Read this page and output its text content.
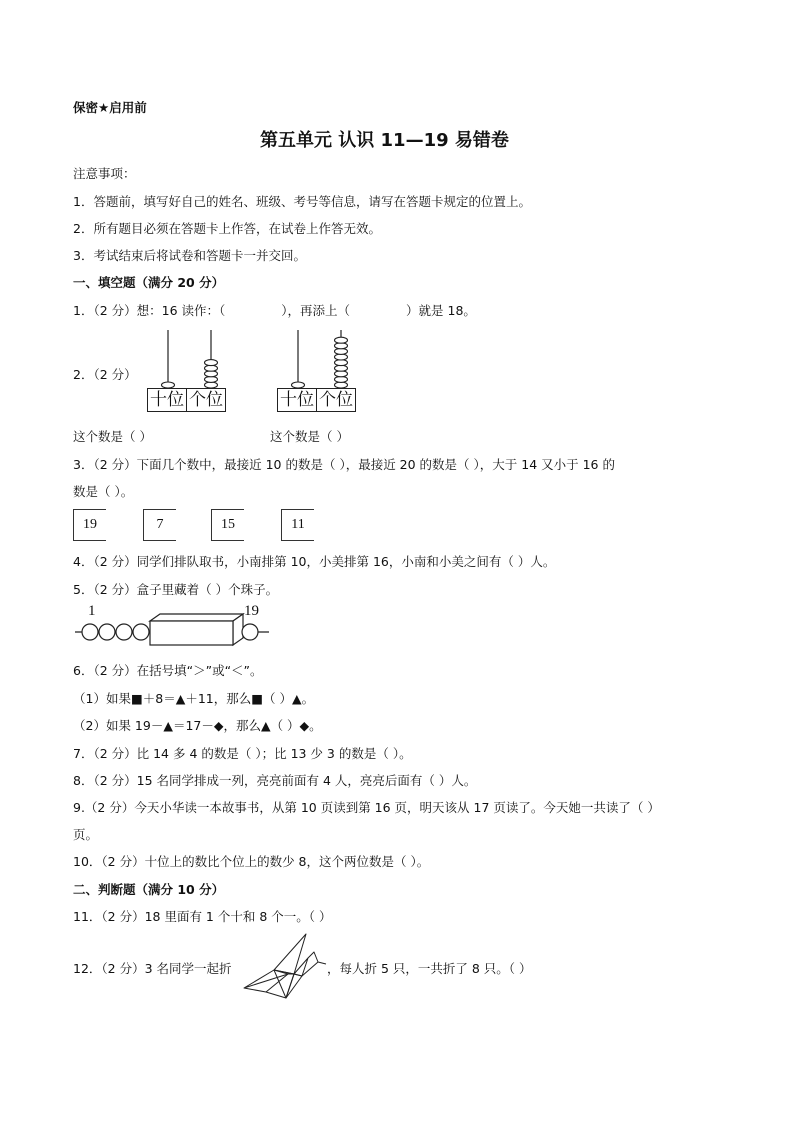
保密★启用前
第五单元 认识 11—19 易错卷
注意事项：
1．答题前，填写好自己的姓名、班级、考号等信息，请写在答题卡规定的位置上。
2．所有题目必须在答题卡上作答，在试卷上作答无效。
3．考试结束后将试卷和答题卡一并交回。
一、填空题（满分 20 分）
1．（2 分）想：16 读作：（	），再添上（	）就是 18。
2．（2 分）
十位 个位	十位 个位
这个数是（ ）	这个数是（ ）
3．（2 分）下面几个数中，最接近 10 的数是（ ），最接近 20 的数是（ ），大于 14 又小于 16 的
数是（ ）。
19	7	15	11
4．（2 分）同学们排队取书，小南排第 10，小美排第 16，小南和小美之间有（ ）人。
5．（2 分）盒子里藏着（ ）个珠子。
1	19
6．（2 分）在括号填“＞”或“＜”。
（1）如果■＋8＝▲＋11，那么■（ ）▲。
（2）如果 19－▲＝17－◆，那么▲（ ）◆。
7．（2 分）比 14 多 4 的数是（ ）；比 13 少 3 的数是（ ）。
8．（2 分）15 名同学排成一列，亮亮前面有 4 人，亮亮后面有（ ）人。
9.（2 分）今天小华读一本故事书，从第 10 页读到第 16 页，明天该从 17 页读了。今天她一共读了（ ）
页。
10．（2 分）十位上的数比个位上的数少 8，这个两位数是（ ）。
二、判断题（满分 10 分）
11．（2 分）18 里面有 1 个十和 8 个一。（ ）
12．（2 分）3 名同学一起折	，每人折 5 只，一共折了 8 只。（ ）
